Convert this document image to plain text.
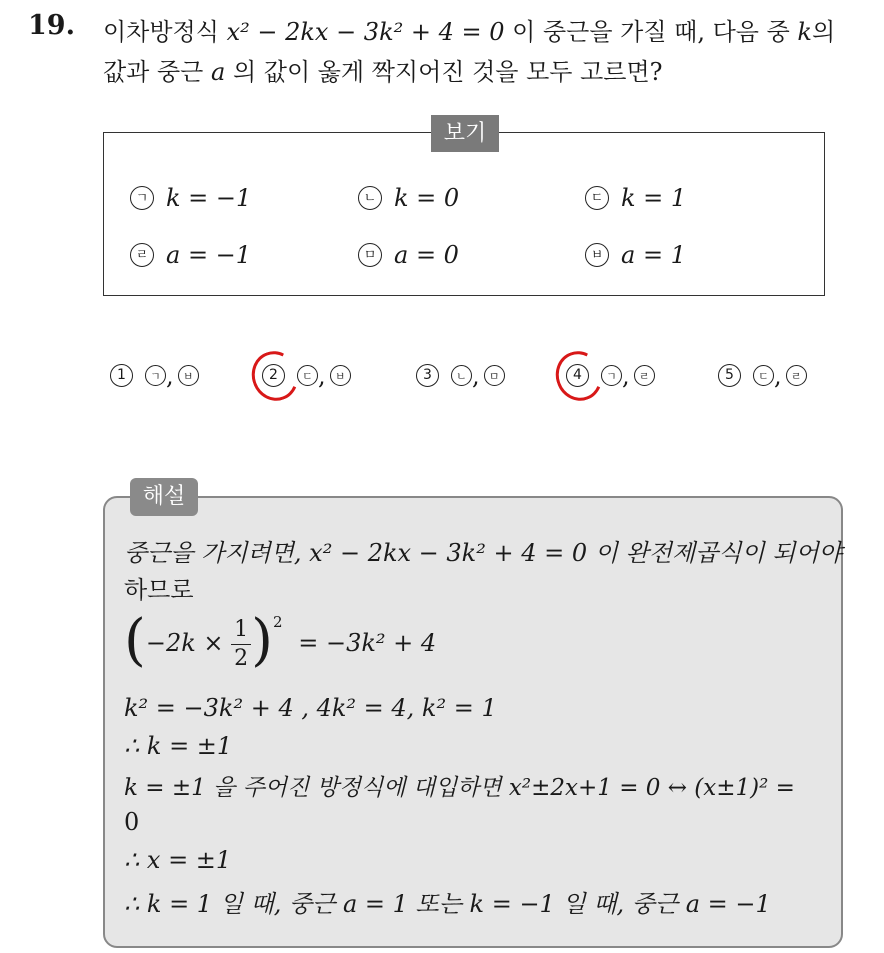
19. 이차방정식 x² − 2kx − 3k² + 4 = 0 이 중근을 가질 때, 다음 중 k의
값과 중근 a 의 값이 옳게 짝지어진 것을 모두 고르면?
보기
ㄱ k = −1	ㄴ k = 0	ㄷ k = 1
ㄹ a = −1	ㅁ a = 0	ㅂ a = 1
1 ㄱ , ㅂ	2 ㄷ , ㅂ	3 ㄴ , ㅁ	4 ㄱ , ㄹ	5 ㄷ , ㄹ
해설
중근을 가지려면, x² − 2kx − 3k² + 4 = 0 이 완전제곱식이 되어야
하므로
$(-2k \times \frac{1}{2} )^2 = -3k^2 + 4$
k² = −3k² + 4 , 4k² = 4, k² = 1
∴ k = ±1
k = ±1 을 주어진 방정식에 대입하면 x²±2x+1 = 0 ↔ (x±1)² =
0
∴ x = ±1
∴ k = 1 일 때, 중근 a = 1 또는 k = −1 일 때, 중근 a = −1
